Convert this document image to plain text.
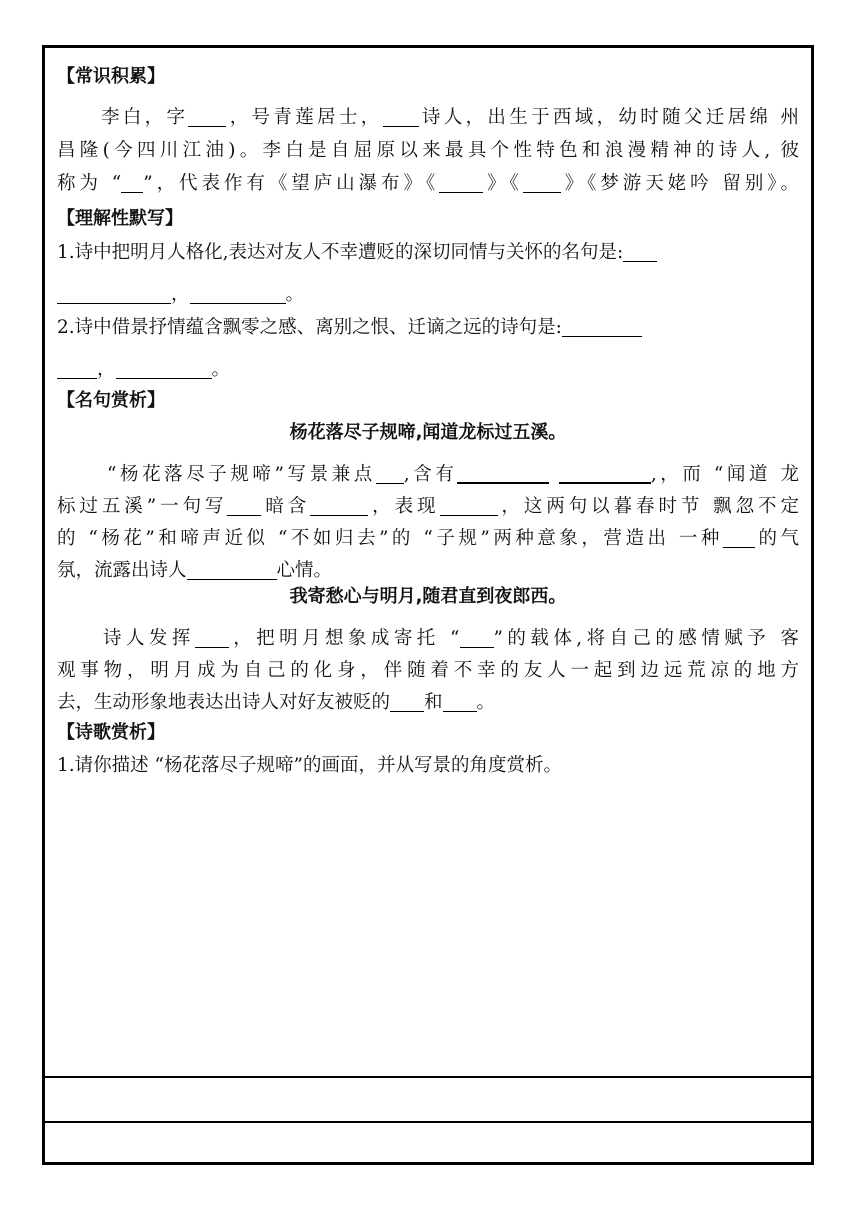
【常识积累】
李白，字 ，号青莲居士， 诗人，出生于西域，幼时随父迁居绵 州
昌隆(今四川江油)。李白是自屈原以来最具个性特色和浪漫精神的诗人, 彼
称为 “ ”，代表作有《望庐山瀑布》《 》《 》《梦游天姥吟 留别》。
【理解性默写】
1.诗中把明月人格化,表达对友人不幸遭贬的深切同情与关怀的名句是:
，	。
2.诗中借景抒情蕴含飘零之感、离别之恨、迁谪之远的诗句是:
，	。
【名句赏析】
杨花落尽子规啼,闻道龙标过五溪。
“杨花落尽子规啼”写景兼点 ,含有	,，而 “闻道 龙
标过五溪”一句写 暗含	，表现	，这两句以暮春时节 飘忽不定
的 “杨花”和啼声近似 “不如归去”的 “子规”两种意象，营造出 一种 的气
氛，流露出诗人	心情。
我寄愁心与明月,随君直到夜郎西。
诗人发挥 ，把明月想象成寄托 “ ”的载体,将自己的感情赋予 客
观事物，明月成为自己的化身，伴随着不幸的友人一起到边远荒凉的地方
去，生动形象地表达出诗人对好友被贬的 和 。
【诗歌赏析】
1.请你描述 “杨花落尽子规啼”的画面，并从写景的角度赏析。
